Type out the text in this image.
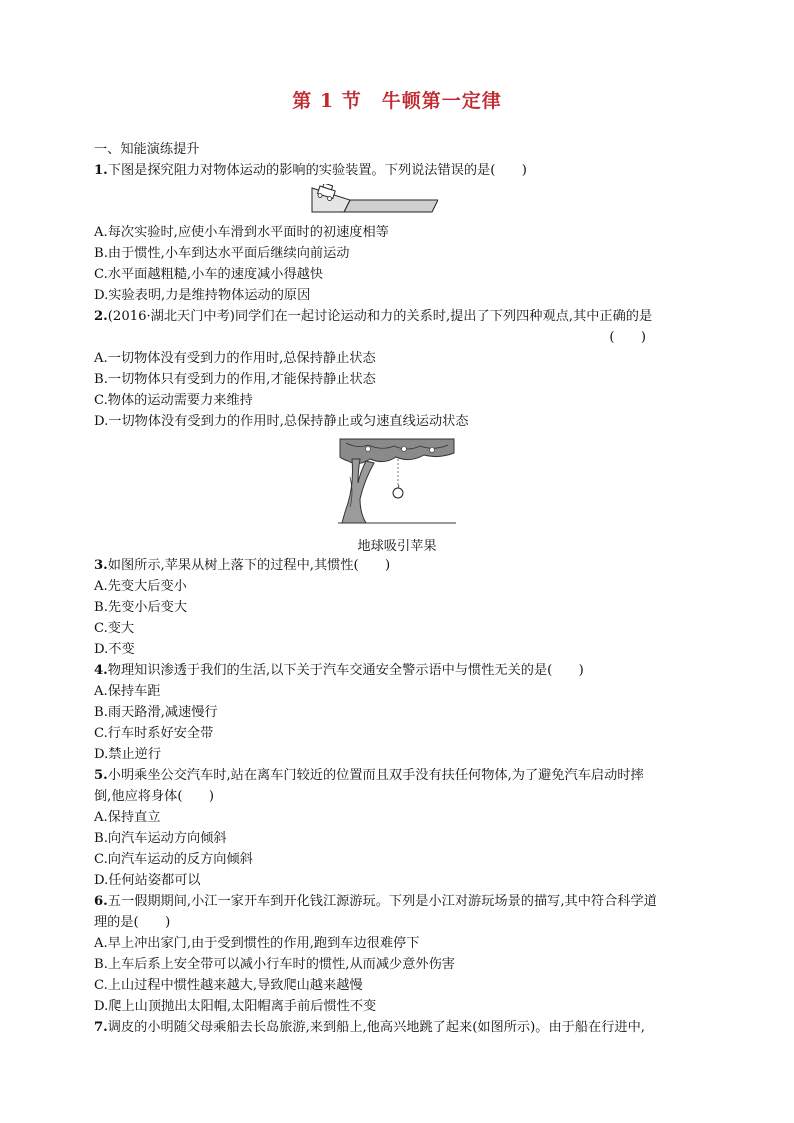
第 1 节　牛顿第一定律
一、知能演练提升
1.下图是探究阻力对物体运动的影响的实验装置。下列说法错误的是(　　)
A.每次实验时,应使小车滑到水平面时的初速度相等
B.由于惯性,小车到达水平面后继续向前运动
C.水平面越粗糙,小车的速度减小得越快
D.实验表明,力是维持物体运动的原因
2.(2016·湖北天门中考)同学们在一起讨论运动和力的关系时,提出了下列四种观点,其中正确的是
(　　)
A.一切物体没有受到力的作用时,总保持静止状态
B.一切物体只有受到力的作用,才能保持静止状态
C.物体的运动需要力来维持
D.一切物体没有受到力的作用时,总保持静止或匀速直线运动状态
地球吸引苹果
3.如图所示,苹果从树上落下的过程中,其惯性(　　)
A.先变大后变小
B.先变小后变大
C.变大
D.不变
4.物理知识渗透于我们的生活,以下关于汽车交通安全警示语中与惯性无关的是(　　)
A.保持车距
B.雨天路滑,减速慢行
C.行车时系好安全带
D.禁止逆行
5.小明乘坐公交汽车时,站在离车门较近的位置而且双手没有扶任何物体,为了避免汽车启动时摔
倒,他应将身体(　　)
A.保持直立
B.向汽车运动方向倾斜
C.向汽车运动的反方向倾斜
D.任何站姿都可以
6.五一假期期间,小江一家开车到开化钱江源游玩。下列是小江对游玩场景的描写,其中符合科学道
理的是(　　)
A.早上冲出家门,由于受到惯性的作用,跑到车边很难停下
B.上车后系上安全带可以减小行车时的惯性,从而减少意外伤害
C.上山过程中惯性越来越大,导致爬山越来越慢
D.爬上山顶抛出太阳帽,太阳帽离手前后惯性不变
7.调皮的小明随父母乘船去长岛旅游,来到船上,他高兴地跳了起来(如图所示)。由于船在行进中,
